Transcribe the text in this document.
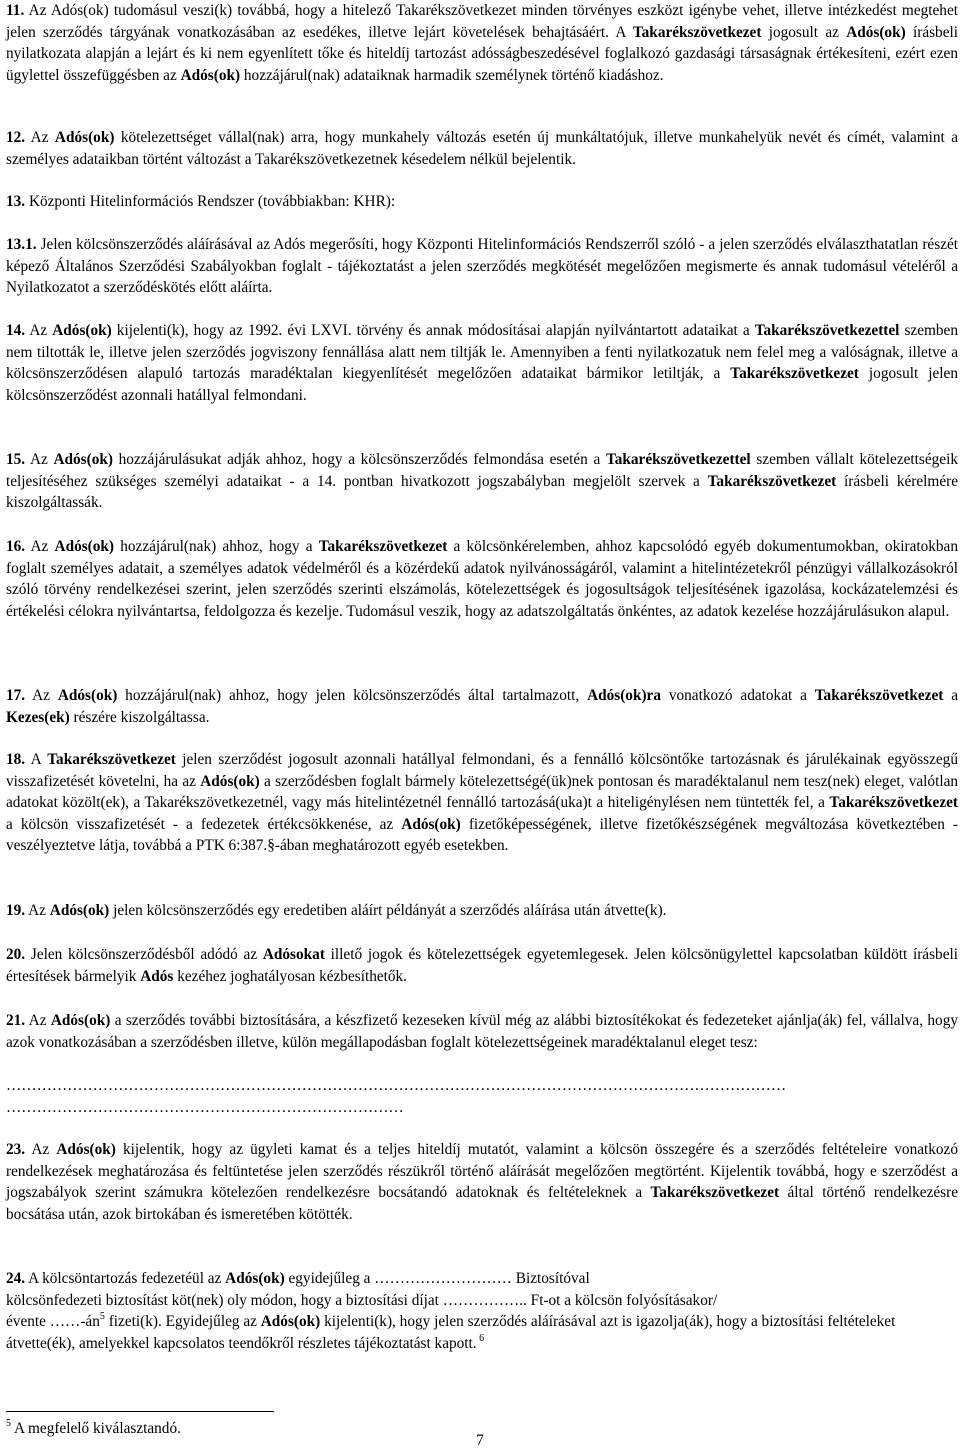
11. Az Adós(ok) tudomásul veszi(k) továbbá, hogy a hitelező Takarékszövetkezet minden törvényes eszközt igénybe vehet, illetve intézkedést megtehet jelen szerződés tárgyának vonatkozásában az esedékes, illetve lejárt követelések behajtásáért. A Takarékszövetkezet jogosult az Adós(ok) írásbeli nyilatkozata alapján a lejárt és ki nem egyenlített tőke és hiteldíj tartozást adósságbeszedésével foglalkozó gazdasági társaságnak értékesíteni, ezért ezen ügylettel összefüggésben az Adós(ok) hozzájárul(nak) adataiknak harmadik személynek történő kiadáshoz.

12. Az Adós(ok) kötelezettséget vállal(nak) arra, hogy munkahely változás esetén új munkáltatójuk, illetve munkahelyük nevét és címét, valamint a személyes adataikban történt változást a Takarékszövetkezetnek késedelem nélkül bejelentik.

13. Központi Hitelinformációs Rendszer (továbbiakban: KHR):

13.1. Jelen kölcsönszerződés aláírásával az Adós megerősíti, hogy Központi Hitelinformációs Rendszerről szóló - a jelen szerződés elválaszthatatlan részét képező Általános Szerződési Szabályokban foglalt - tájékoztatást a jelen szerződés megkötését megelőzően megismerte és annak tudomásul vételéről a Nyilatkozatot a szerződéskötés előtt aláírta.

14. Az Adós(ok) kijelenti(k), hogy az 1992. évi LXVI. törvény és annak módosításai alapján nyilvántartott adataikat a Takarékszövetkezettel szemben nem tiltották le, illetve jelen szerződés jogviszony fennállása alatt nem tiltják le. Amennyiben a fenti nyilatkozatuk nem felel meg a valóságnak, illetve a kölcsönszerződésen alapuló tartozás maradéktalan kiegyenlítését megelőzően adataikat bármikor letiltják, a Takarékszövetkezet jogosult jelen kölcsönszerződést azonnali hatállyal felmondani.

15. Az Adós(ok) hozzájárulásukat adják ahhoz, hogy a kölcsönszerződés felmondása esetén a Takarékszövetkezettel szemben vállalt kötelezettségeik teljesítéséhez szükséges személyi adataikat - a 14. pontban hivatkozott jogszabályban megjelölt szervek a Takarékszövetkezet írásbeli kérelmére kiszolgáltassák.

16. Az Adós(ok) hozzájárul(nak) ahhoz, hogy a Takarékszövetkezet a kölcsönkérelemben, ahhoz kapcsolódó egyéb dokumentumokban, okiratokban foglalt személyes adatait, a személyes adatok védelméről és a közérdekű adatok nyilvánosságáról, valamint a hitelintézetekről pénzügyi vállalkozásokról szóló törvény rendelkezései szerint, jelen szerződés szerinti elszámolás, kötelezettségek és jogosultságok teljesítésének igazolása, kockázatelemzési és értékelési célokra nyilvántartsa, feldolgozza és kezelje. Tudomásul veszik, hogy az adatszolgáltatás önkéntes, az adatok kezelése hozzájárulásukon alapul.

17. Az Adós(ok) hozzájárul(nak) ahhoz, hogy jelen kölcsönszerződés által tartalmazott, Adós(ok)ra vonatkozó adatokat a Takarékszövetkezet a Kezes(ek) részére kiszolgáltassa.

18. A Takarékszövetkezet jelen szerződést jogosult azonnali hatállyal felmondani, és a fennálló kölcsöntőke tartozásnak és járulékainak egyösszegű visszafizetését követelni, ha az Adós(ok) a szerződésben foglalt bármely kötelezettségé(ük)nek pontosan és maradéktalanul nem tesz(nek) eleget, valótlan adatokat közölt(ek), a Takarékszövetkezetnél, vagy más hitelintézetnél fennálló tartozásá(uka)t a hiteligénylésen nem tüntették fel, a Takarékszövetkezet a kölcsön visszafizetését - a fedezetek értékcsökkenése, az Adós(ok) fizetőképességének, illetve fizetőkészségének megváltozása következtében - veszélyeztetve látja, továbbá a PTK 6:387.§-ában meghatározott egyéb esetekben.

19. Az Adós(ok) jelen kölcsönszerződés egy eredetiben aláírt példányát a szerződés aláírása után átvette(k).

20. Jelen kölcsönszerződésből adódó az Adósokat illető jogok és kötelezettségek egyetemlegesek. Jelen kölcsönügylettel kapcsolatban küldött írásbeli értesítések bármelyik Adós kezéhez joghatályosan kézbesíthetők.

21. Az Adós(ok) a szerződés további biztosítására, a készfizető kezeseken kívül még az alábbi biztosítékokat és fedezeteket ajánlja(ák) fel, vállalva, hogy azok vonatkozásában a szerződésben illetve, külön megállapodásban foglalt kötelezettségeinek maradéktalanul eleget tesz:

………………………………………………………………………………………………………………………………………

……………………………………………………………………

23. Az Adós(ok) kijelentik, hogy az ügyleti kamat és a teljes hiteldíj mutatót, valamint a kölcsön összegére és a szerződés feltételeire vonatkozó rendelkezések meghatározása és feltüntetése jelen szerződés részükről történő aláírását megelőzően megtörtént. Kijelentik továbbá, hogy e szerződést a jogszabályok szerint számukra kötelezően rendelkezésre bocsátandó adatoknak és feltételeknek a Takarékszövetkezet által történő rendelkezésre bocsátása után, azok birtokában és ismeretében kötötték.

24. A kölcsöntartozás fedezetéül az Adós(ok) egyidejűleg a ……………………… Biztosítóval
kölcsönfedezeti biztosítást köt(nek) oly módon, hogy a biztosítási díjat …………….. Ft-ot a kölcsön folyósításakor/
évente $\dots\dots-án^5$ fizeti(k). Egyidejűleg az Adós(ok) kijelenti(k), hogy jelen szerződés aláírásával azt is igazolja(ák), hogy a biztosítási feltételeket átvette(ék), amelyekkel kapcsolatos teendőkről részletes tájékoztatást kapott. $^6$

$^5$ A megfelelő kiválasztandó.

7
